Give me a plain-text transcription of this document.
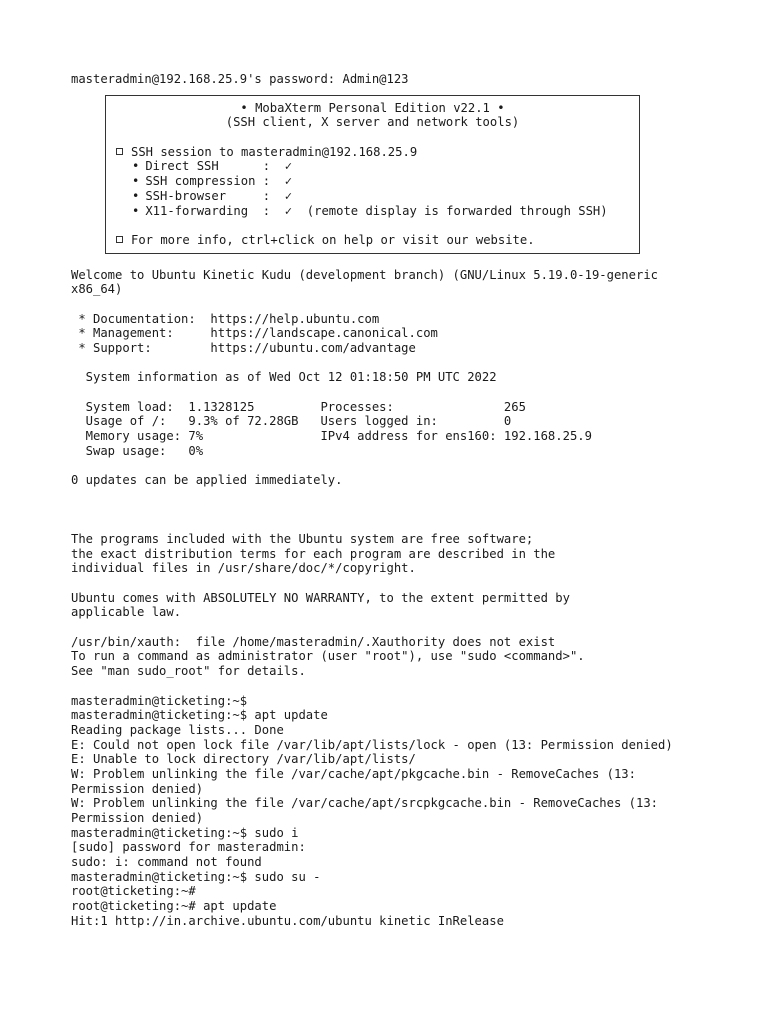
masteradmin@192.168.25.9's password: Admin@123
• MobaXterm Personal Edition v22.1 •
(SSH client, X server and network tools)
SSH session to masteradmin@192.168.25.9
• Direct SSH      :  ✓
• SSH compression :  ✓
• SSH-browser     :  ✓
• X11-forwarding  :  ✓  (remote display is forwarded through SSH)
For more info, ctrl+click on help or visit our website.
Welcome to Ubuntu Kinetic Kudu (development branch) (GNU/Linux 5.19.0-19-generic
x86_64)
* Documentation:  https://help.ubuntu.com
* Management:     https://landscape.canonical.com
* Support:        https://ubuntu.com/advantage
System information as of Wed Oct 12 01:18:50 PM UTC 2022
System load:  1.1328125         Processes:               265
Usage of /:   9.3% of 72.28GB   Users logged in:         0
Memory usage: 7%                IPv4 address for ens160: 192.168.25.9
Swap usage:   0%
0 updates can be applied immediately.
The programs included with the Ubuntu system are free software;
the exact distribution terms for each program are described in the
individual files in /usr/share/doc/*/copyright.
Ubuntu comes with ABSOLUTELY NO WARRANTY, to the extent permitted by
applicable law.
/usr/bin/xauth:  file /home/masteradmin/.Xauthority does not exist
To run a command as administrator (user "root"), use "sudo <command>".
See "man sudo_root" for details.
masteradmin@ticketing:~$
masteradmin@ticketing:~$ apt update
Reading package lists... Done
E: Could not open lock file /var/lib/apt/lists/lock - open (13: Permission denied)
E: Unable to lock directory /var/lib/apt/lists/
W: Problem unlinking the file /var/cache/apt/pkgcache.bin - RemoveCaches (13:
Permission denied)
W: Problem unlinking the file /var/cache/apt/srcpkgcache.bin - RemoveCaches (13:
Permission denied)
masteradmin@ticketing:~$ sudo i
[sudo] password for masteradmin:
sudo: i: command not found
masteradmin@ticketing:~$ sudo su -
root@ticketing:~#
root@ticketing:~# apt update
Hit:1 http://in.archive.ubuntu.com/ubuntu kinetic InRelease
